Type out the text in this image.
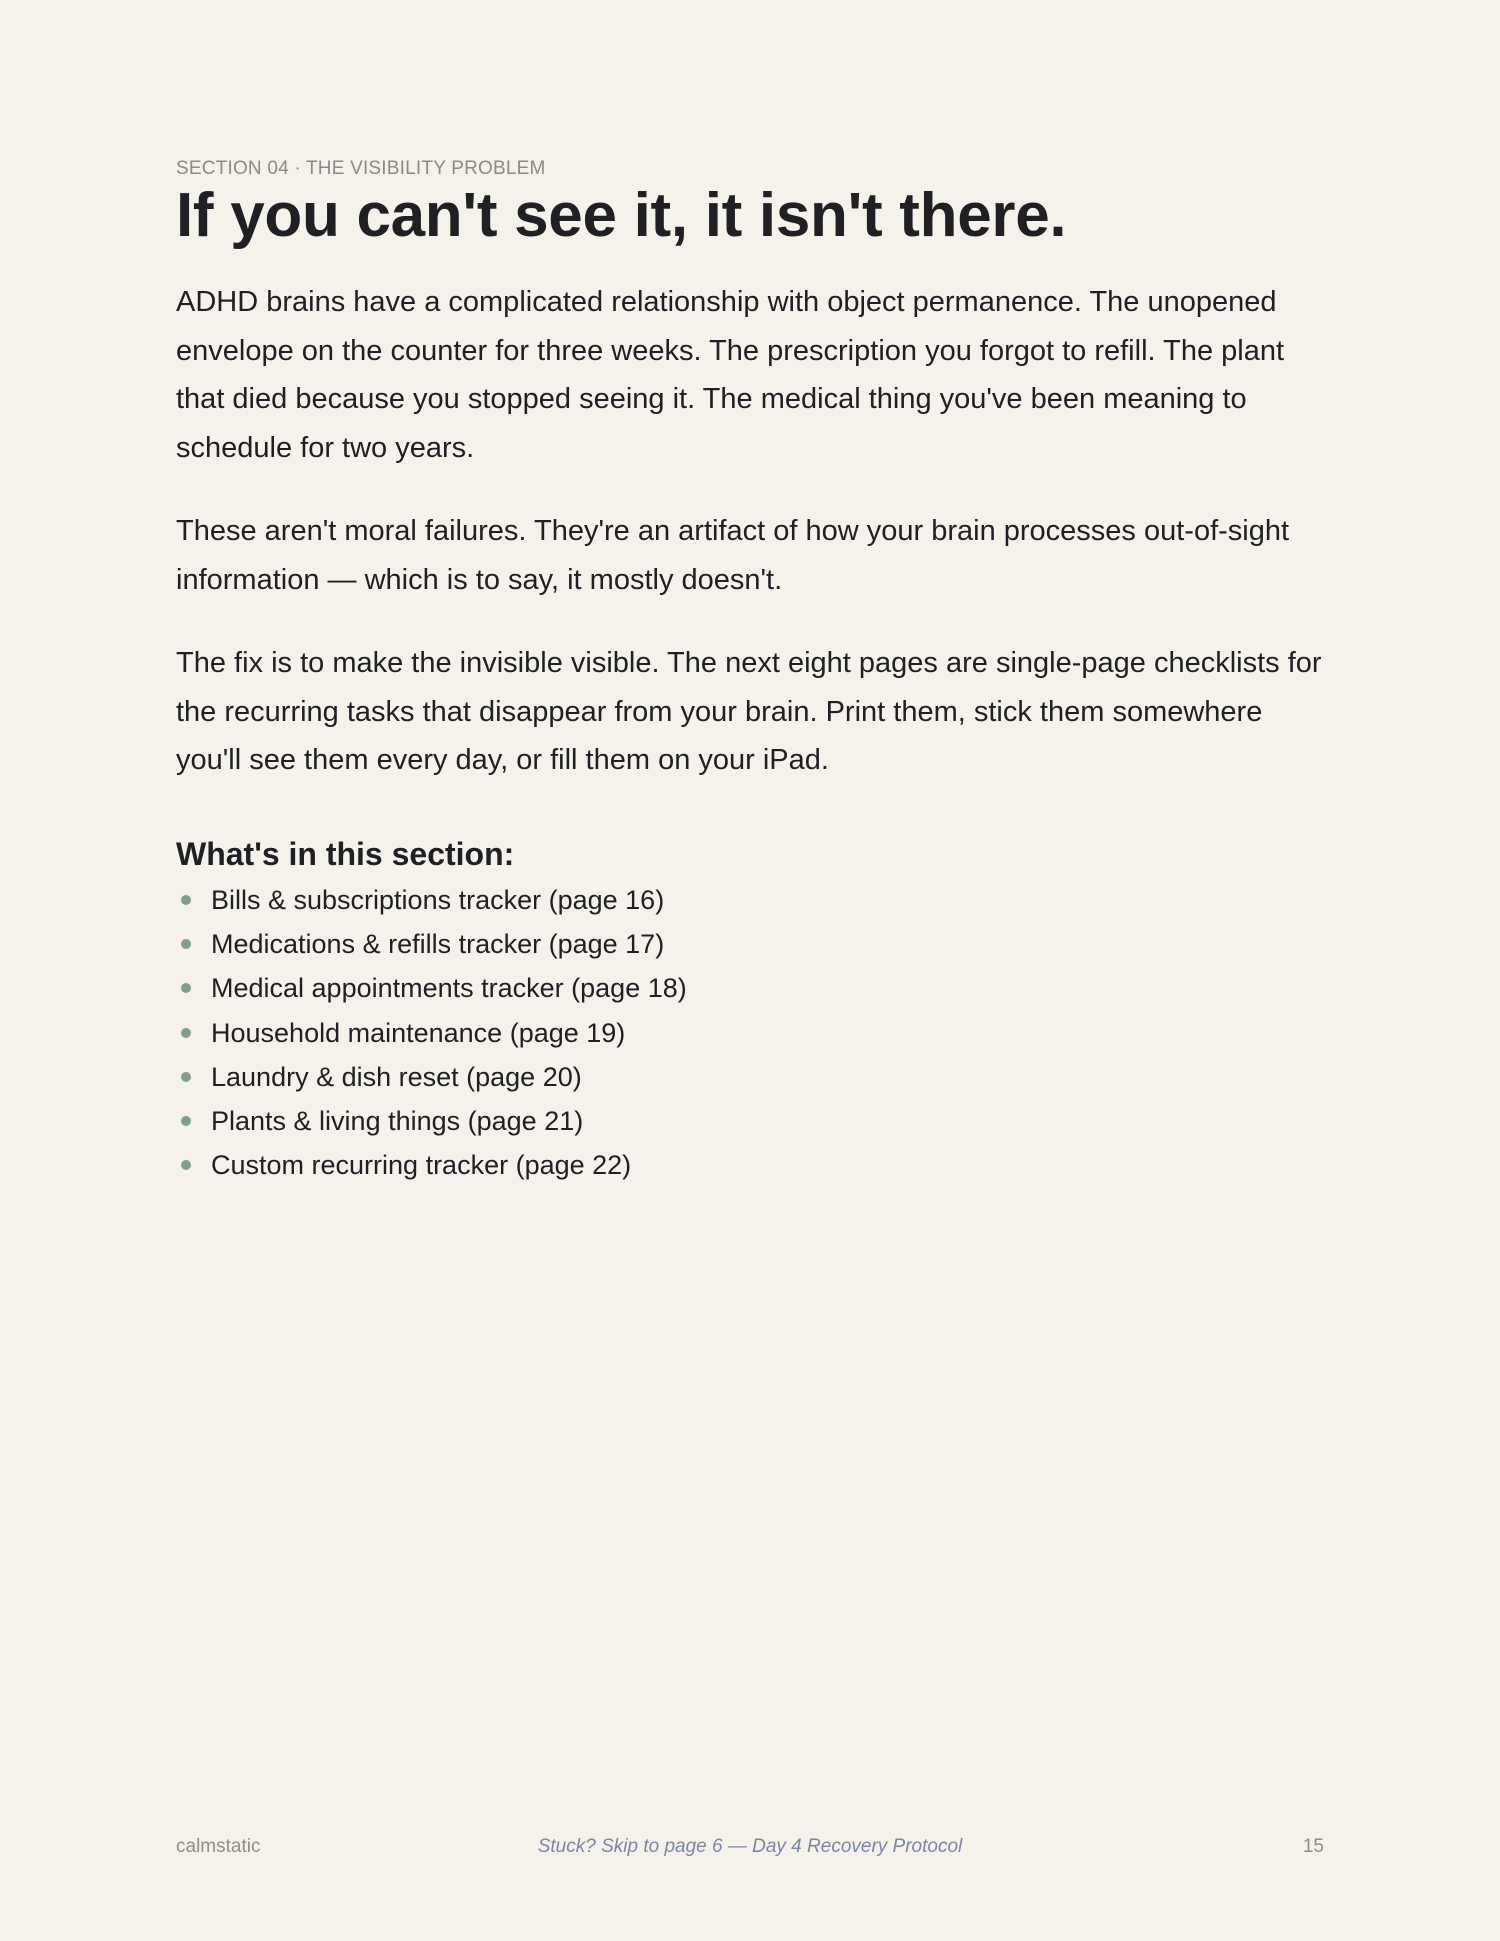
SECTION 04 · THE VISIBILITY PROBLEM
If you can't see it, it isn't there.

ADHD brains have a complicated relationship with object permanence. The unopened envelope on the counter for three weeks. The prescription you forgot to refill. The plant that died because you stopped seeing it. The medical thing you've been meaning to schedule for two years.

These aren't moral failures. They're an artifact of how your brain processes out-of-sight information — which is to say, it mostly doesn't.

The fix is to make the invisible visible. The next eight pages are single-page checklists for the recurring tasks that disappear from your brain. Print them, stick them somewhere you'll see them every day, or fill them on your iPad.

What's in this section:
Bills & subscriptions tracker (page 16)
Medications & refills tracker (page 17)
Medical appointments tracker (page 18)
Household maintenance (page 19)
Laundry & dish reset (page 20)
Plants & living things (page 21)
Custom recurring tracker (page 22)
calmstatic	Stuck? Skip to page 6 — Day 4 Recovery Protocol	15
